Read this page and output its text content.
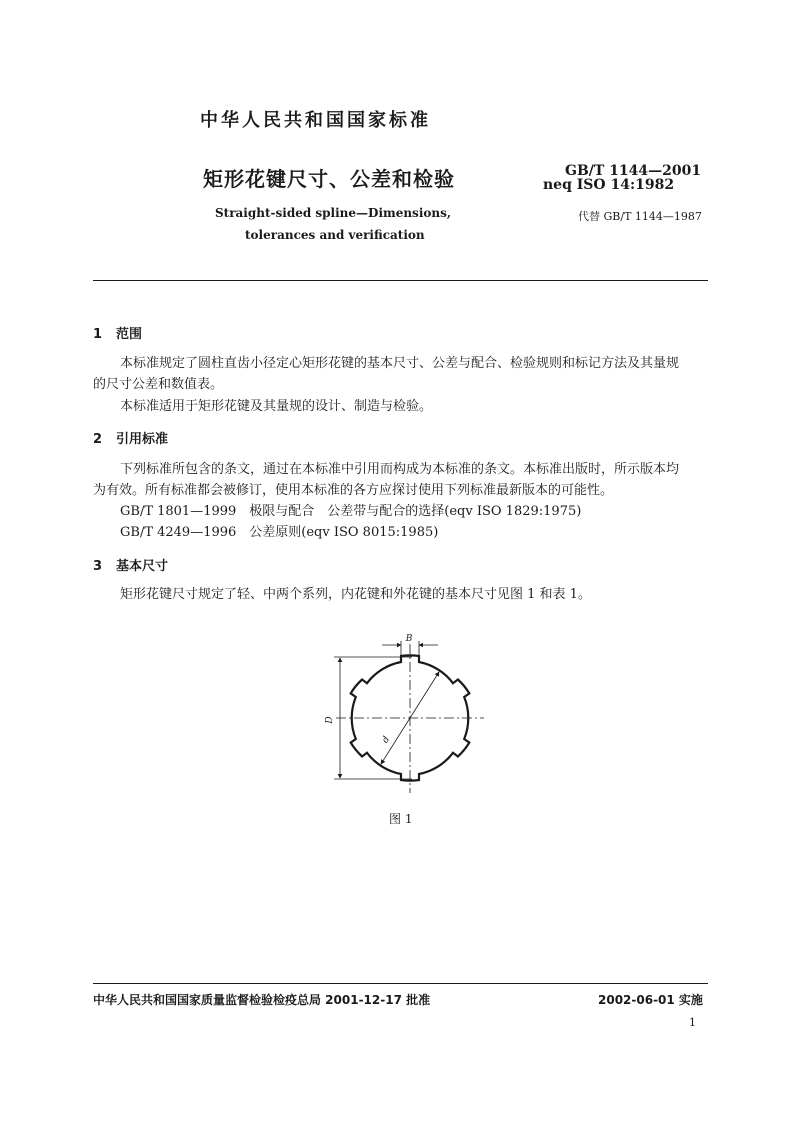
中华人民共和国国家标准
矩形花键尺寸、公差和检验	GB/T 1144—2001
neq ISO 14:1982
Straight-sided spline—Dimensions,
tolerances and verification
代替 GB/T 1144—1987
1 范围
本标准规定了圆柱直齿小径定心矩形花键的基本尺寸、公差与配合、检验规则和标记方法及其量规
的尺寸公差和数值表。
本标准适用于矩形花键及其量规的设计、制造与检验。
2 引用标准
下列标准所包含的条文，通过在本标准中引用而构成为本标准的条文。本标准出版时，所示版本均
为有效。所有标准都会被修订，使用本标准的各方应探讨使用下列标准最新版本的可能性。
GB/T 1801—1999　极限与配合　公差带与配合的选择(eqv ISO 1829:1975)
GB/T 4249—1996　公差原则(eqv ISO 8015:1985)
3 基本尺寸
矩形花键尺寸规定了轻、中两个系列，内花键和外花键的基本尺寸见图 1 和表 1。
B
D
d
图 1
中华人民共和国国家质量监督检验检疫总局 2001-12-17 批准	2002-06-01 实施
1
